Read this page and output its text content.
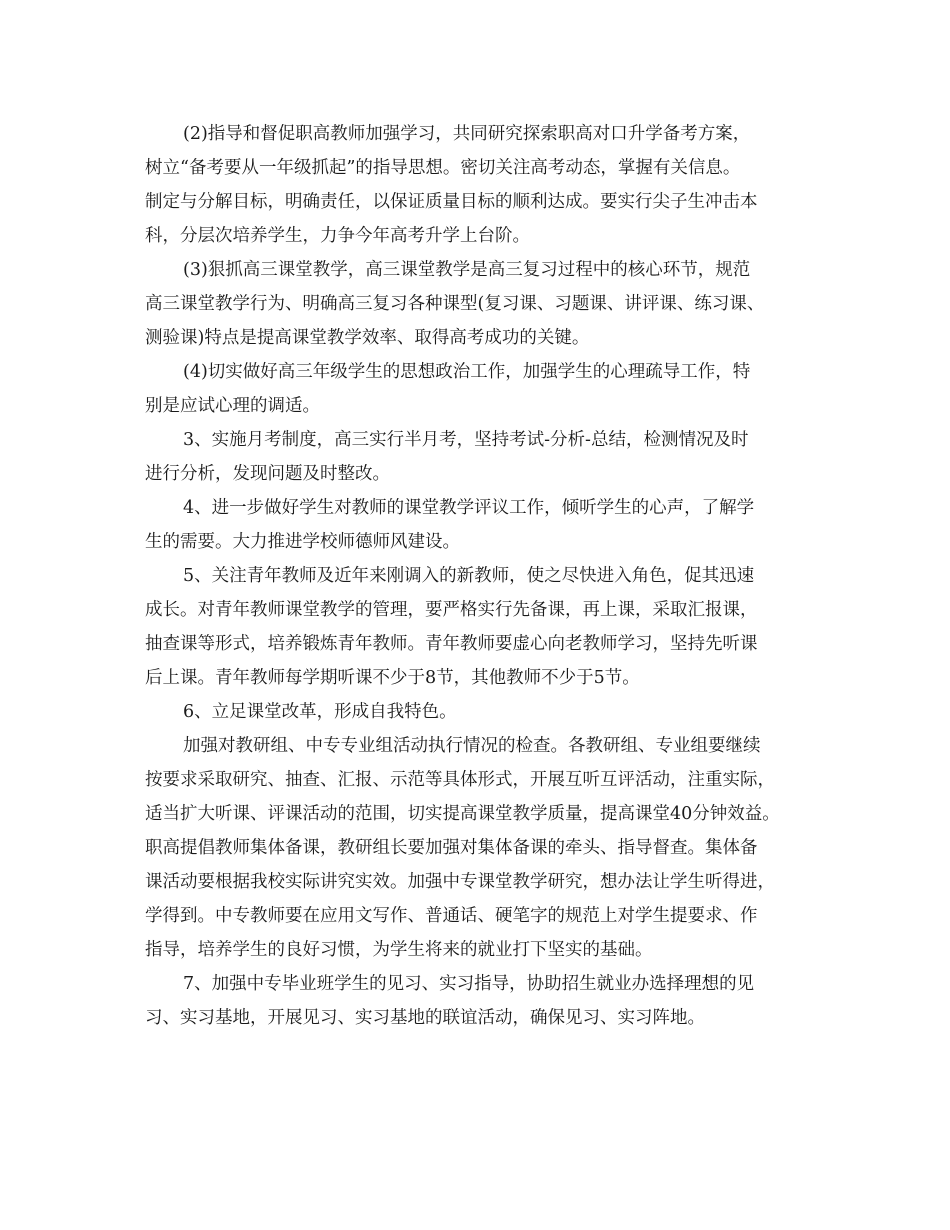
(2)指导和督促职高教师加强学习，共同研究探索职高对口升学备考方案，
树立“备考要从一年级抓起”的指导思想。密切关注高考动态，掌握有关信息。
制定与分解目标，明确责任，以保证质量目标的顺利达成。要实行尖子生冲击本
科，分层次培养学生，力争今年高考升学上台阶。
(3)狠抓高三课堂教学，高三课堂教学是高三复习过程中的核心环节，规范
高三课堂教学行为、明确高三复习各种课型(复习课、习题课、讲评课、练习课、
测验课)特点是提高课堂教学效率、取得高考成功的关键。
(4)切实做好高三年级学生的思想政治工作，加强学生的心理疏导工作，特
别是应试心理的调适。
3、实施月考制度，高三实行半月考，坚持考试-分析-总结，检测情况及时
进行分析，发现问题及时整改。
4、进一步做好学生对教师的课堂教学评议工作，倾听学生的心声，了解学
生的需要。大力推进学校师德师风建设。
5、关注青年教师及近年来刚调入的新教师，使之尽快进入角色，促其迅速
成长。对青年教师课堂教学的管理，要严格实行先备课，再上课，采取汇报课，
抽查课等形式，培养锻炼青年教师。青年教师要虚心向老教师学习，坚持先听课
后上课。青年教师每学期听课不少于8节，其他教师不少于5节。
6、立足课堂改革，形成自我特色。
加强对教研组、中专专业组活动执行情况的检查。各教研组、专业组要继续
按要求采取研究、抽查、汇报、示范等具体形式，开展互听互评活动，注重实际，
适当扩大听课、评课活动的范围，切实提高课堂教学质量，提高课堂40分钟效益。
职高提倡教师集体备课，教研组长要加强对集体备课的牵头、指导督查。集体备
课活动要根据我校实际讲究实效。加强中专课堂教学研究，想办法让学生听得进，
学得到。中专教师要在应用文写作、普通话、硬笔字的规范上对学生提要求、作
指导，培养学生的良好习惯，为学生将来的就业打下坚实的基础。
7、加强中专毕业班学生的见习、实习指导，协助招生就业办选择理想的见
习、实习基地，开展见习、实习基地的联谊活动，确保见习、实习阵地。
